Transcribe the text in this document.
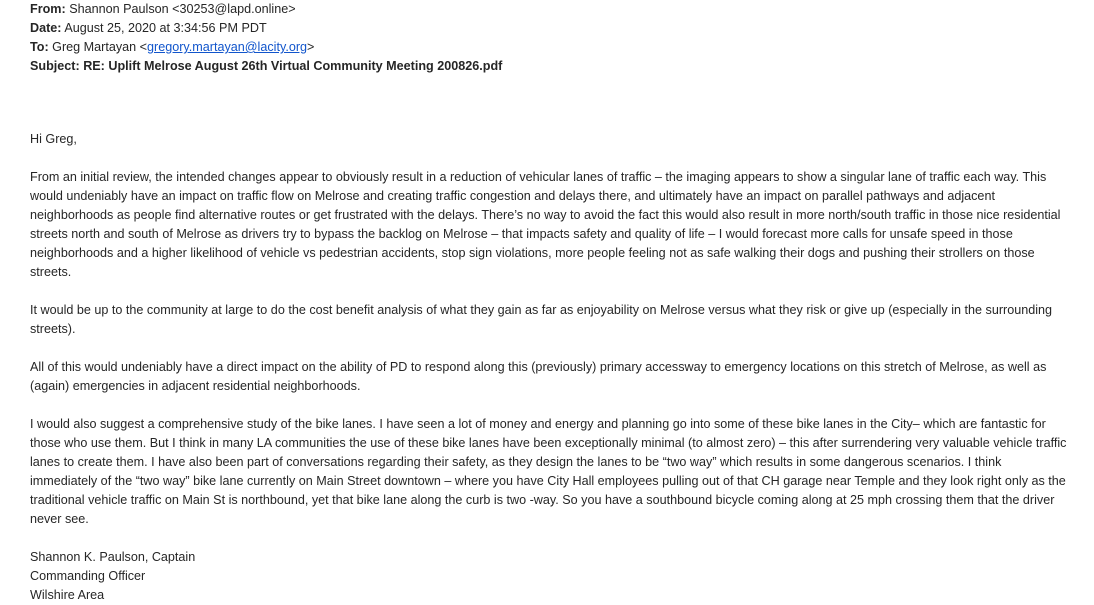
From: Shannon Paulson <30253@lapd.online>
Date: August 25, 2020 at 3:34:56 PM PDT
To: Greg Martayan <gregory.martayan@lacity.org>
Subject: RE: Uplift Melrose August 26th Virtual Community Meeting 200826.pdf

Hi Greg,

From an initial review, the intended changes appear to obviously result in a reduction of vehicular lanes of traffic – the imaging appears to show a singular lane of traffic each way. This would undeniably have an impact on traffic flow on Melrose and creating traffic congestion and delays there, and ultimately have an impact on parallel pathways and adjacent neighborhoods as people find alternative routes or get frustrated with the delays. There’s no way to avoid the fact this would also result in more north/south traffic in those nice residential streets north and south of Melrose as drivers try to bypass the backlog on Melrose – that impacts safety and quality of life – I would forecast more calls for unsafe speed in those neighborhoods and a higher likelihood of vehicle vs pedestrian accidents, stop sign violations, more people feeling not as safe walking their dogs and pushing their strollers on those streets.

It would be up to the community at large to do the cost benefit analysis of what they gain as far as enjoyability on Melrose versus what they risk or give up (especially in the surrounding streets).

All of this would undeniably have a direct impact on the ability of PD to respond along this (previously) primary accessway to emergency locations on this stretch of Melrose, as well as (again) emergencies in adjacent residential neighborhoods.

I would also suggest a comprehensive study of the bike lanes. I have seen a lot of money and energy and planning go into some of these bike lanes in the City– which are fantastic for those who use them. But I think in many LA communities the use of these bike lanes have been exceptionally minimal (to almost zero) – this after surrendering very valuable vehicle traffic lanes to create them. I have also been part of conversations regarding their safety, as they design the lanes to be “two way” which results in some dangerous scenarios. I think immediately of the “two way” bike lane currently on Main Street downtown – where you have City Hall employees pulling out of that CH garage near Temple and they look right only as the traditional vehicle traffic on Main St is northbound, yet that bike lane along the curb is two -way. So you have a southbound bicycle coming along at 25 mph crossing them that the driver never see.

Shannon K. Paulson, Captain

Commanding Officer

Wilshire Area
